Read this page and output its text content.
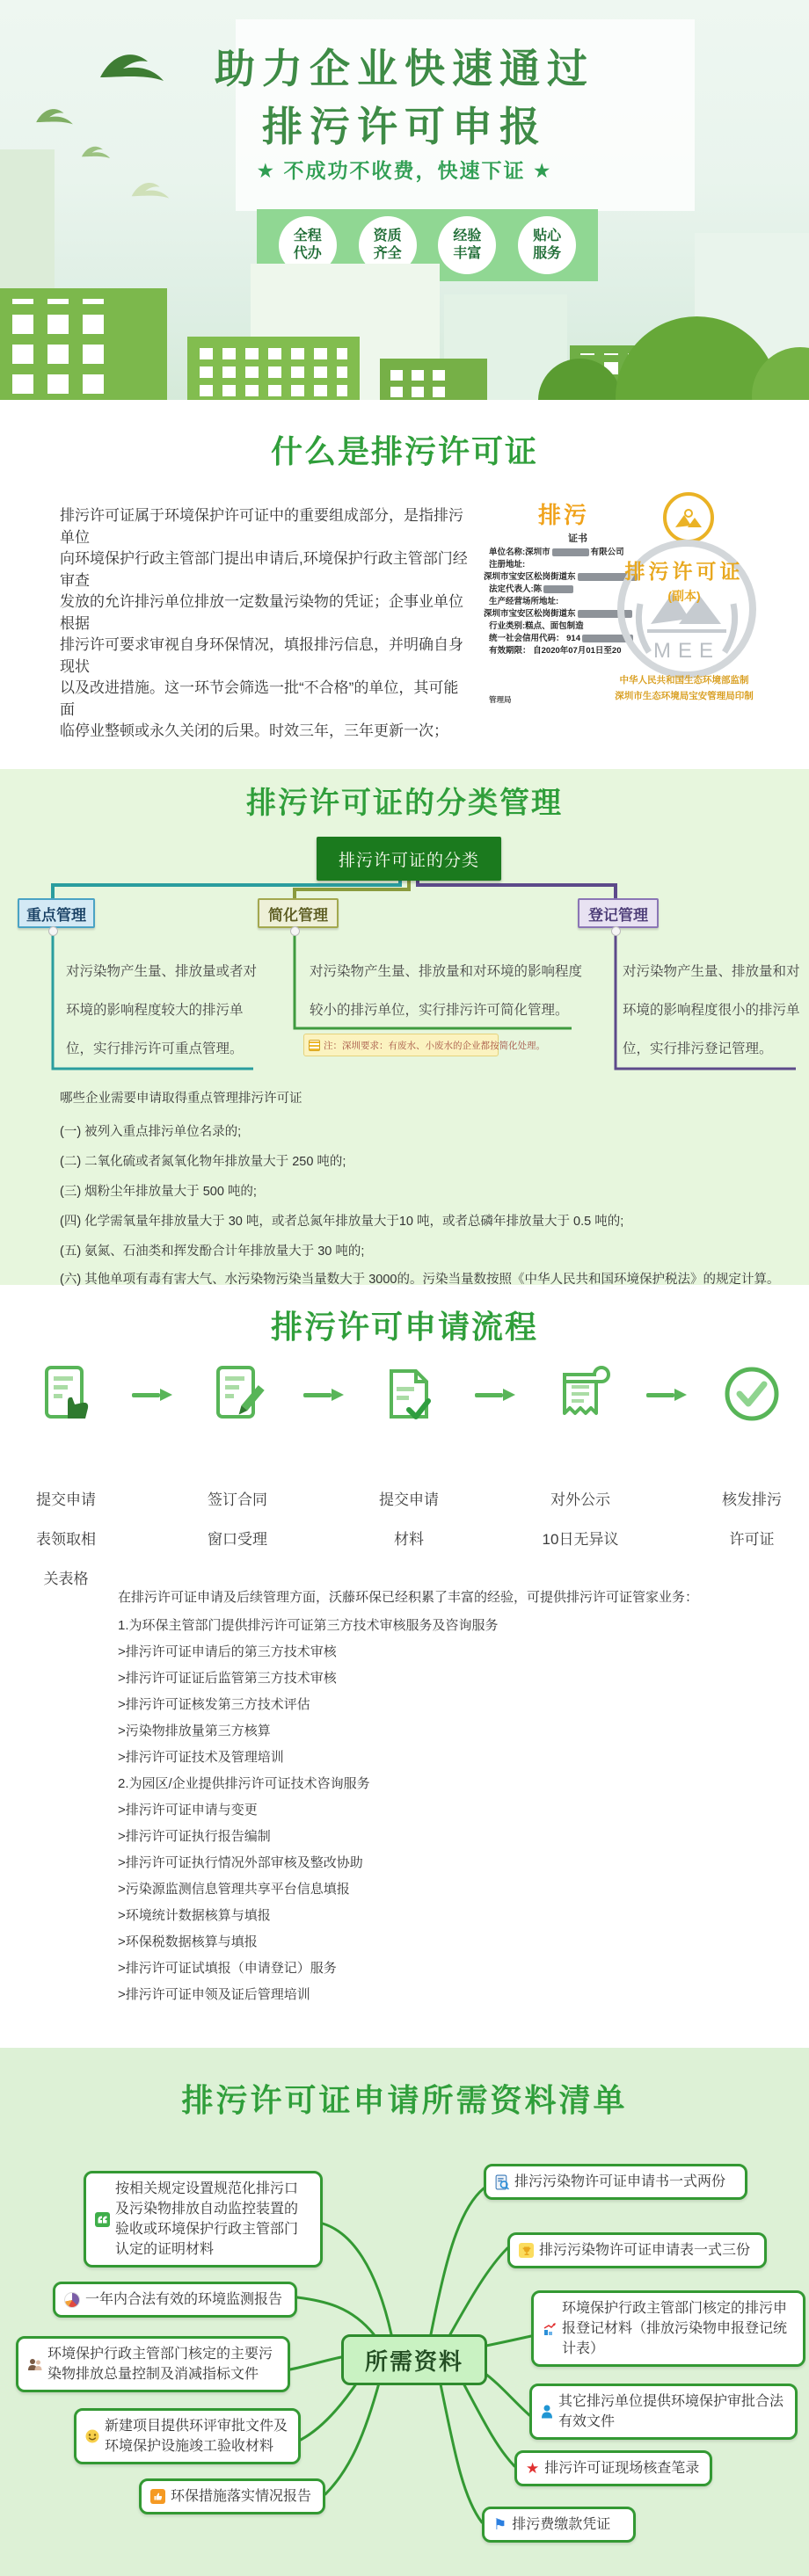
助力企业快速通过
排污许可申报
★ 不成功不收费，快速下证 ★
全程
代办
资质
齐全
经验
丰富
贴心
服务
什么是排污许可证
排污许可证属于环境保护许可证中的重要组成部分，是指排污单位
向环境保护行政主管部门提出申请后,环境保护行政主管部门经审查
发放的允许排污单位排放一定数量污染物的凭证；企事业单位根据
排污许可要求审视自身环保情况，填报排污信息，并明确自身现状
以及改进措施。这一环节会筛选一批“不合格”的单位，其可能面
临停业整顿或永久关闭的后果。时效三年，三年更新一次；
排污
证书
单位名称:深圳市	有限公司
注册地址:
深圳市宝安区松岗街道东
法定代表人:陈
生产经营场所地址:
深圳市宝安区松岗街道东
行业类别:糕点、面包制造
统一社会信用代码： 914
有效期限： 自2020年07月01日至20
管理局
MEE
排污许可证
(副本)
中华人民共和国生态环境部监制
深圳市生态环境局宝安管理局印制
排污许可证的分类管理
排污许可证的分类
重点管理	简化管理	登记管理
对污染物产生量、排放量或者对
环境的影响程度较大的排污单
位，实行排污许可重点管理。
对污染物产生量、排放量和对环境的影响程度
较小的排污单位，实行排污许可简化管理。
注：深圳要求：有废水、小废水的企业都按简化处理。
对污染物产生量、排放量和对
环境的影响程度很小的排污单
位，实行排污登记管理。
哪些企业需要申请取得重点管理排污许可证
(一) 被列入重点排污单位名录的;
(二) 二氧化硫或者氮氧化物年排放量大于 250 吨的;
(三) 烟粉尘年排放量大于 500 吨的;
(四) 化学需氧量年排放量大于 30 吨，或者总氮年排放量大于10 吨，或者总磷年排放量大于 0.5 吨的;
(五) 氨氮、石油类和挥发酚合计年排放量大于 30 吨的;
(六) 其他单项有毒有害大气、水污染物污染当量数大于 3000的。污染当量数按照《中华人民共和国环境保护税法》的规定计算。
排污许可申请流程
提交申请
表领取相
关表格
签订合同
窗口受理
提交申请
材料
对外公示
10日无异议
核发排污
许可证
在排污许可证申请及后续管理方面，沃藤环保已经积累了丰富的经验，可提供排污许可证管家业务：
1.为环保主管部门提供排污许可证第三方技术审核服务及咨询服务
>排污许可证申请后的第三方技术审核
>排污许可证证后监管第三方技术审核
>排污许可证核发第三方技术评估
>污染物排放量第三方核算
>排污许可证技术及管理培训
2.为园区/企业提供排污许可证技术咨询服务
>排污许可证申请与变更
>排污许可证执行报告编制
>排污许可证执行情况外部审核及整改协助
>污染源监测信息管理共享平台信息填报
>环境统计数据核算与填报
>环保税数据核算与填报
>排污许可证试填报（申请登记）服务
>排污许可证申领及证后管理培训
排污许可证申请所需资料清单
所需资料
按相关规定设置规范化排污口及污染物排放自动监控装置的验收或环境保护行政主管部门认定的证明材料
一年内合法有效的环境监测报告
环境保护行政主管部门核定的主要污染物排放总量控制及消减指标文件
新建项目提供环评审批文件及环境保护设施竣工验收材料
环保措施落实情况报告
排污污染物许可证申请书一式两份
排污污染物许可证申请表一式三份
环境保护行政主管部门核定的排污申报登记材料（排放污染物申报登记统计表）
其它排污单位提供环境保护审批合法有效文件
★ 排污许可证现场核查笔录
⚑ 排污费缴款凭证
